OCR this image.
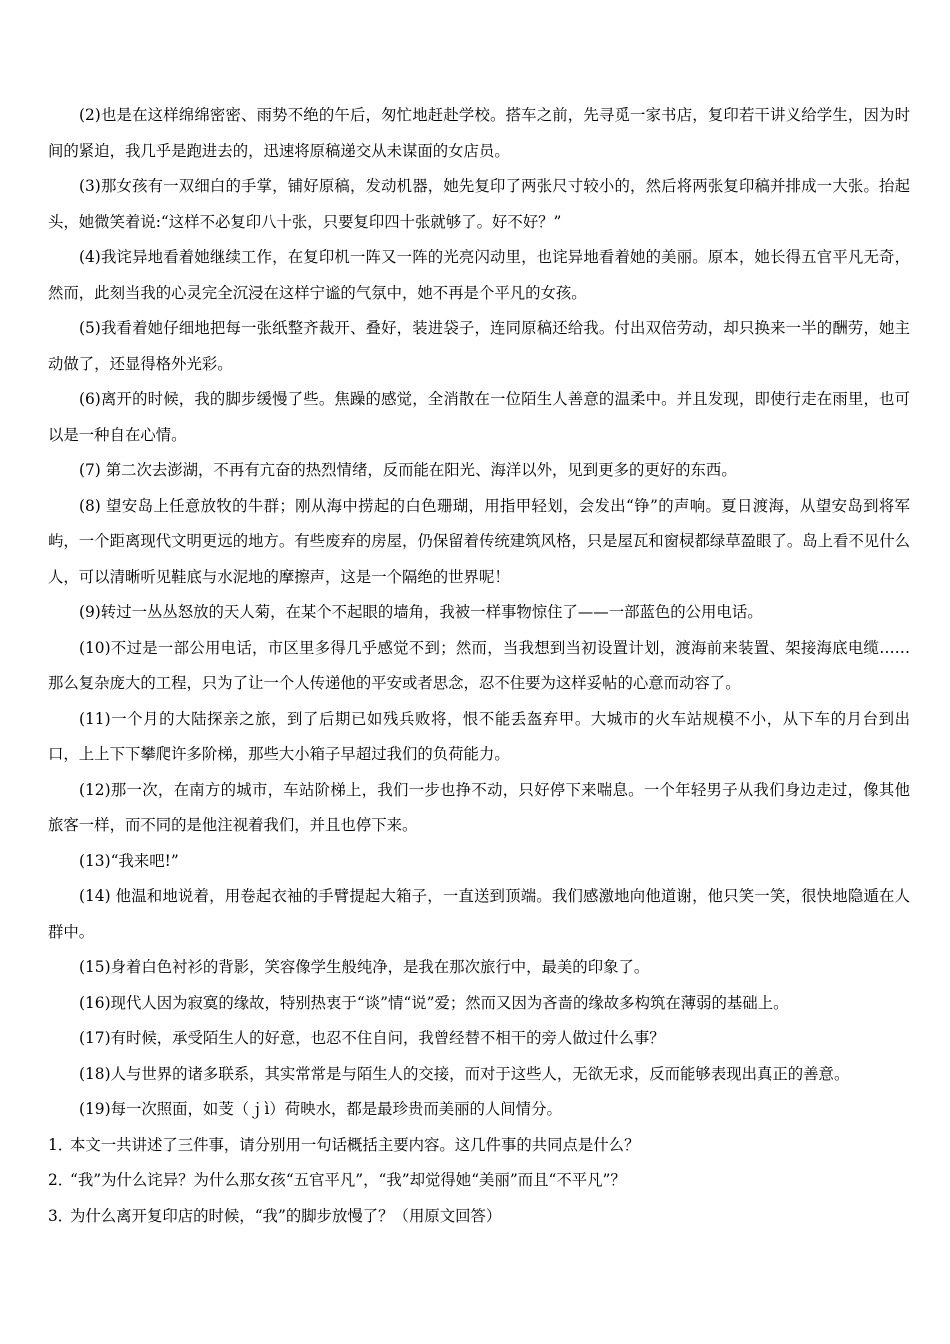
(2)也是在这样绵绵密密、雨势不绝的午后，匆忙地赶赴学校。搭车之前，先寻觅一家书店，复印若干讲义给学生，因为时间的紧迫，我几乎是跑进去的，迅速将原稿递交从未谋面的女店员。

(3)那女孩有一双细白的手掌，铺好原稿，发动机器，她先复印了两张尺寸较小的，然后将两张复印稿并排成一大张。抬起头，她微笑着说:“这样不必复印八十张，只要复印四十张就够了。好不好？”

(4)我诧异地看着她继续工作，在复印机一阵又一阵的光亮闪动里，也诧异地看着她的美丽。原本，她长得五官平凡无奇，然而，此刻当我的心灵完全沉浸在这样宁谧的气氛中，她不再是个平凡的女孩。

(5)我看着她仔细地把每一张纸整齐裁开、叠好，装进袋子，连同原稿还给我。付出双倍劳动，却只换来一半的酬劳，她主动做了，还显得格外光彩。

(6)离开的时候，我的脚步缓慢了些。焦躁的感觉，全消散在一位陌生人善意的温柔中。并且发现，即使行走在雨里，也可以是一种自在心情。

(7) 第二次去澎湖，不再有亢奋的热烈情绪，反而能在阳光、海洋以外，见到更多的更好的东西。

(8) 望安岛上任意放牧的牛群；刚从海中捞起的白色珊瑚，用指甲轻划，会发出“铮”的声响。夏日渡海，从望安岛到将军屿，一个距离现代文明更远的地方。有些废弃的房屋，仍保留着传统建筑风格，只是屋瓦和窗棂都绿草盈眼了。岛上看不见什么人，可以清晰听见鞋底与水泥地的摩擦声，这是一个隔绝的世界呢！

(9)转过一丛丛怒放的天人菊，在某个不起眼的墙角，我被一样事物惊住了——一部蓝色的公用电话。

(10)不过是一部公用电话，市区里多得几乎感觉不到；然而，当我想到当初设置计划，渡海前来装置、架接海底电缆……那么复杂庞大的工程，只为了让一个人传递他的平安或者思念，忍不住要为这样妥帖的心意而动容了。

(11)一个月的大陆探亲之旅，到了后期已如残兵败将，恨不能丢盔弃甲。大城市的火车站规模不小，从下车的月台到出口，上上下下攀爬许多阶梯，那些大小箱子早超过我们的负荷能力。

(12)那一次，在南方的城市，车站阶梯上，我们一步也挣不动，只好停下来喘息。一个年轻男子从我们身边走过，像其他旅客一样，而不同的是他注视着我们，并且也停下来。

(13)“我来吧!”

(14) 他温和地说着，用卷起衣袖的手臂提起大箱子，一直送到顶端。我们感激地向他道谢，他只笑一笑，很快地隐遁在人群中。

(15)身着白色衬衫的背影，笑容像学生般纯净，是我在那次旅行中，最美的印象了。

(16)现代人因为寂寞的缘故，特别热衷于“谈”情“说”爱；然而又因为吝啬的缘故多构筑在薄弱的基础上。

(17)有时候，承受陌生人的好意，也忍不住自问，我曾经替不相干的旁人做过什么事？

(18)人与世界的诸多联系，其实常常是与陌生人的交接，而对于这些人，无欲无求，反而能够表现出真正的善意。

(19)每一次照面，如芰（ｊì）荷映水，都是最珍贵而美丽的人间情分。

1．本文一共讲述了三件事，请分别用一句话概括主要内容。这几件事的共同点是什么？

2．“我”为什么诧异？为什么那女孩“五官平凡”，“我”却觉得她“美丽”而且“不平凡”？

3．为什么离开复印店的时候，“我”的脚步放慢了？（用原文回答）
